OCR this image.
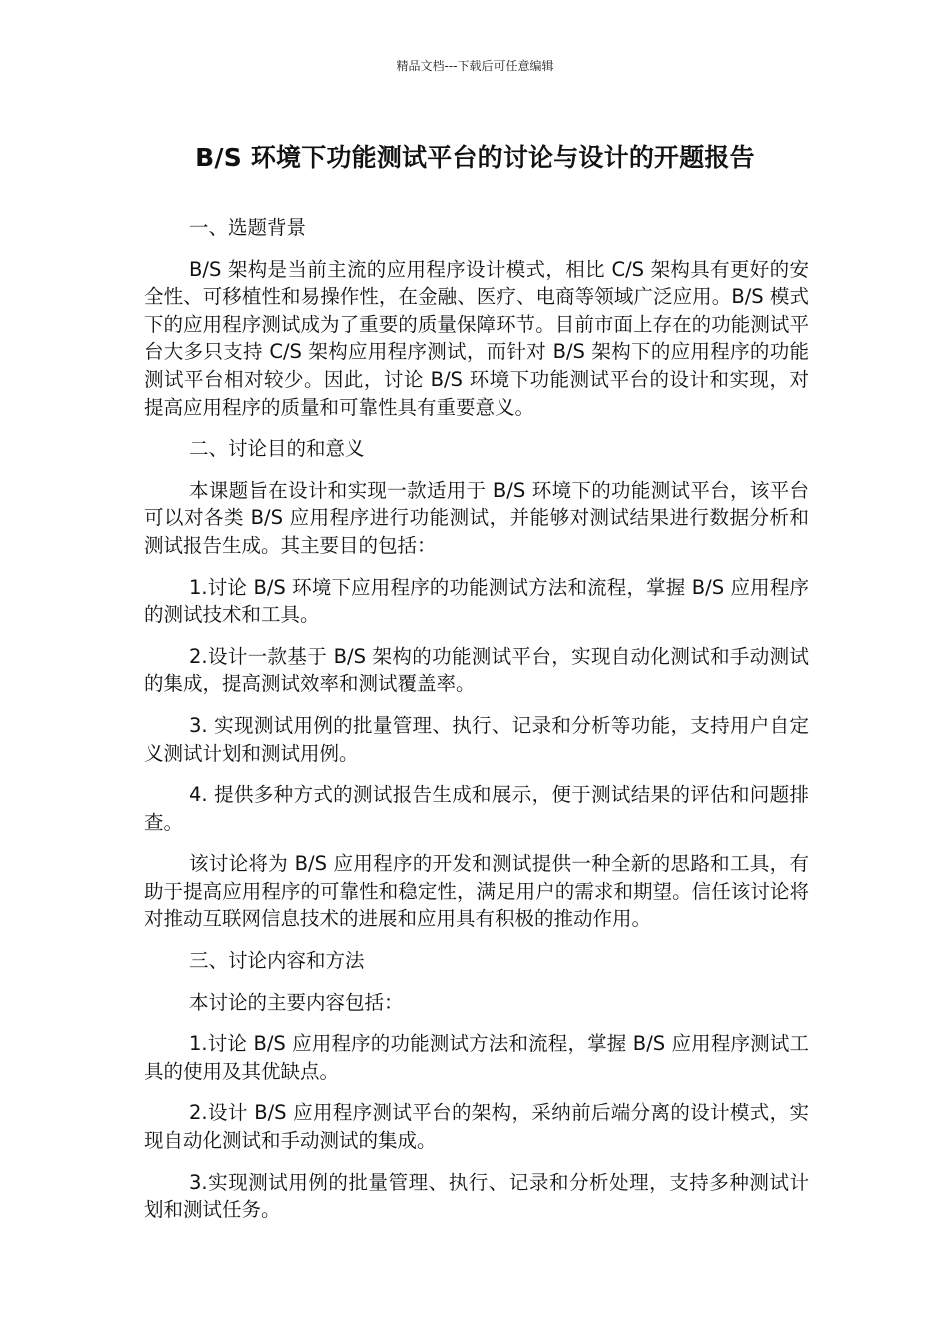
精品文档---下载后可任意编辑
B/S 环境下功能测试平台的讨论与设计的开题报告

一、选题背景

B/S 架构是当前主流的应用程序设计模式，相比 C/S 架构具有更好的安全性、可移植性和易操作性，在金融、医疗、电商等领域广泛应用。B/S 模式下的应用程序测试成为了重要的质量保障环节。目前市面上存在的功能测试平台大多只支持 C/S 架构应用程序测试，而针对 B/S 架构下的应用程序的功能测试平台相对较少。因此，讨论 B/S 环境下功能测试平台的设计和实现，对提高应用程序的质量和可靠性具有重要意义。

二、讨论目的和意义

本课题旨在设计和实现一款适用于 B/S 环境下的功能测试平台，该平台可以对各类 B/S 应用程序进行功能测试，并能够对测试结果进行数据分析和测试报告生成。其主要目的包括：

1.讨论 B/S 环境下应用程序的功能测试方法和流程，掌握 B/S 应用程序的测试技术和工具。

2.设计一款基于 B/S 架构的功能测试平台，实现自动化测试和手动测试的集成，提高测试效率和测试覆盖率。

3. 实现测试用例的批量管理、执行、记录和分析等功能，支持用户自定义测试计划和测试用例。

4. 提供多种方式的测试报告生成和展示，便于测试结果的评估和问题排查。

该讨论将为 B/S 应用程序的开发和测试提供一种全新的思路和工具，有助于提高应用程序的可靠性和稳定性，满足用户的需求和期望。信任该讨论将对推动互联网信息技术的进展和应用具有积极的推动作用。

三、讨论内容和方法

本讨论的主要内容包括：

1.讨论 B/S 应用程序的功能测试方法和流程，掌握 B/S 应用程序测试工具的使用及其优缺点。

2.设计 B/S 应用程序测试平台的架构，采纳前后端分离的设计模式，实现自动化测试和手动测试的集成。

3.实现测试用例的批量管理、执行、记录和分析处理，支持多种测试计划和测试任务。
